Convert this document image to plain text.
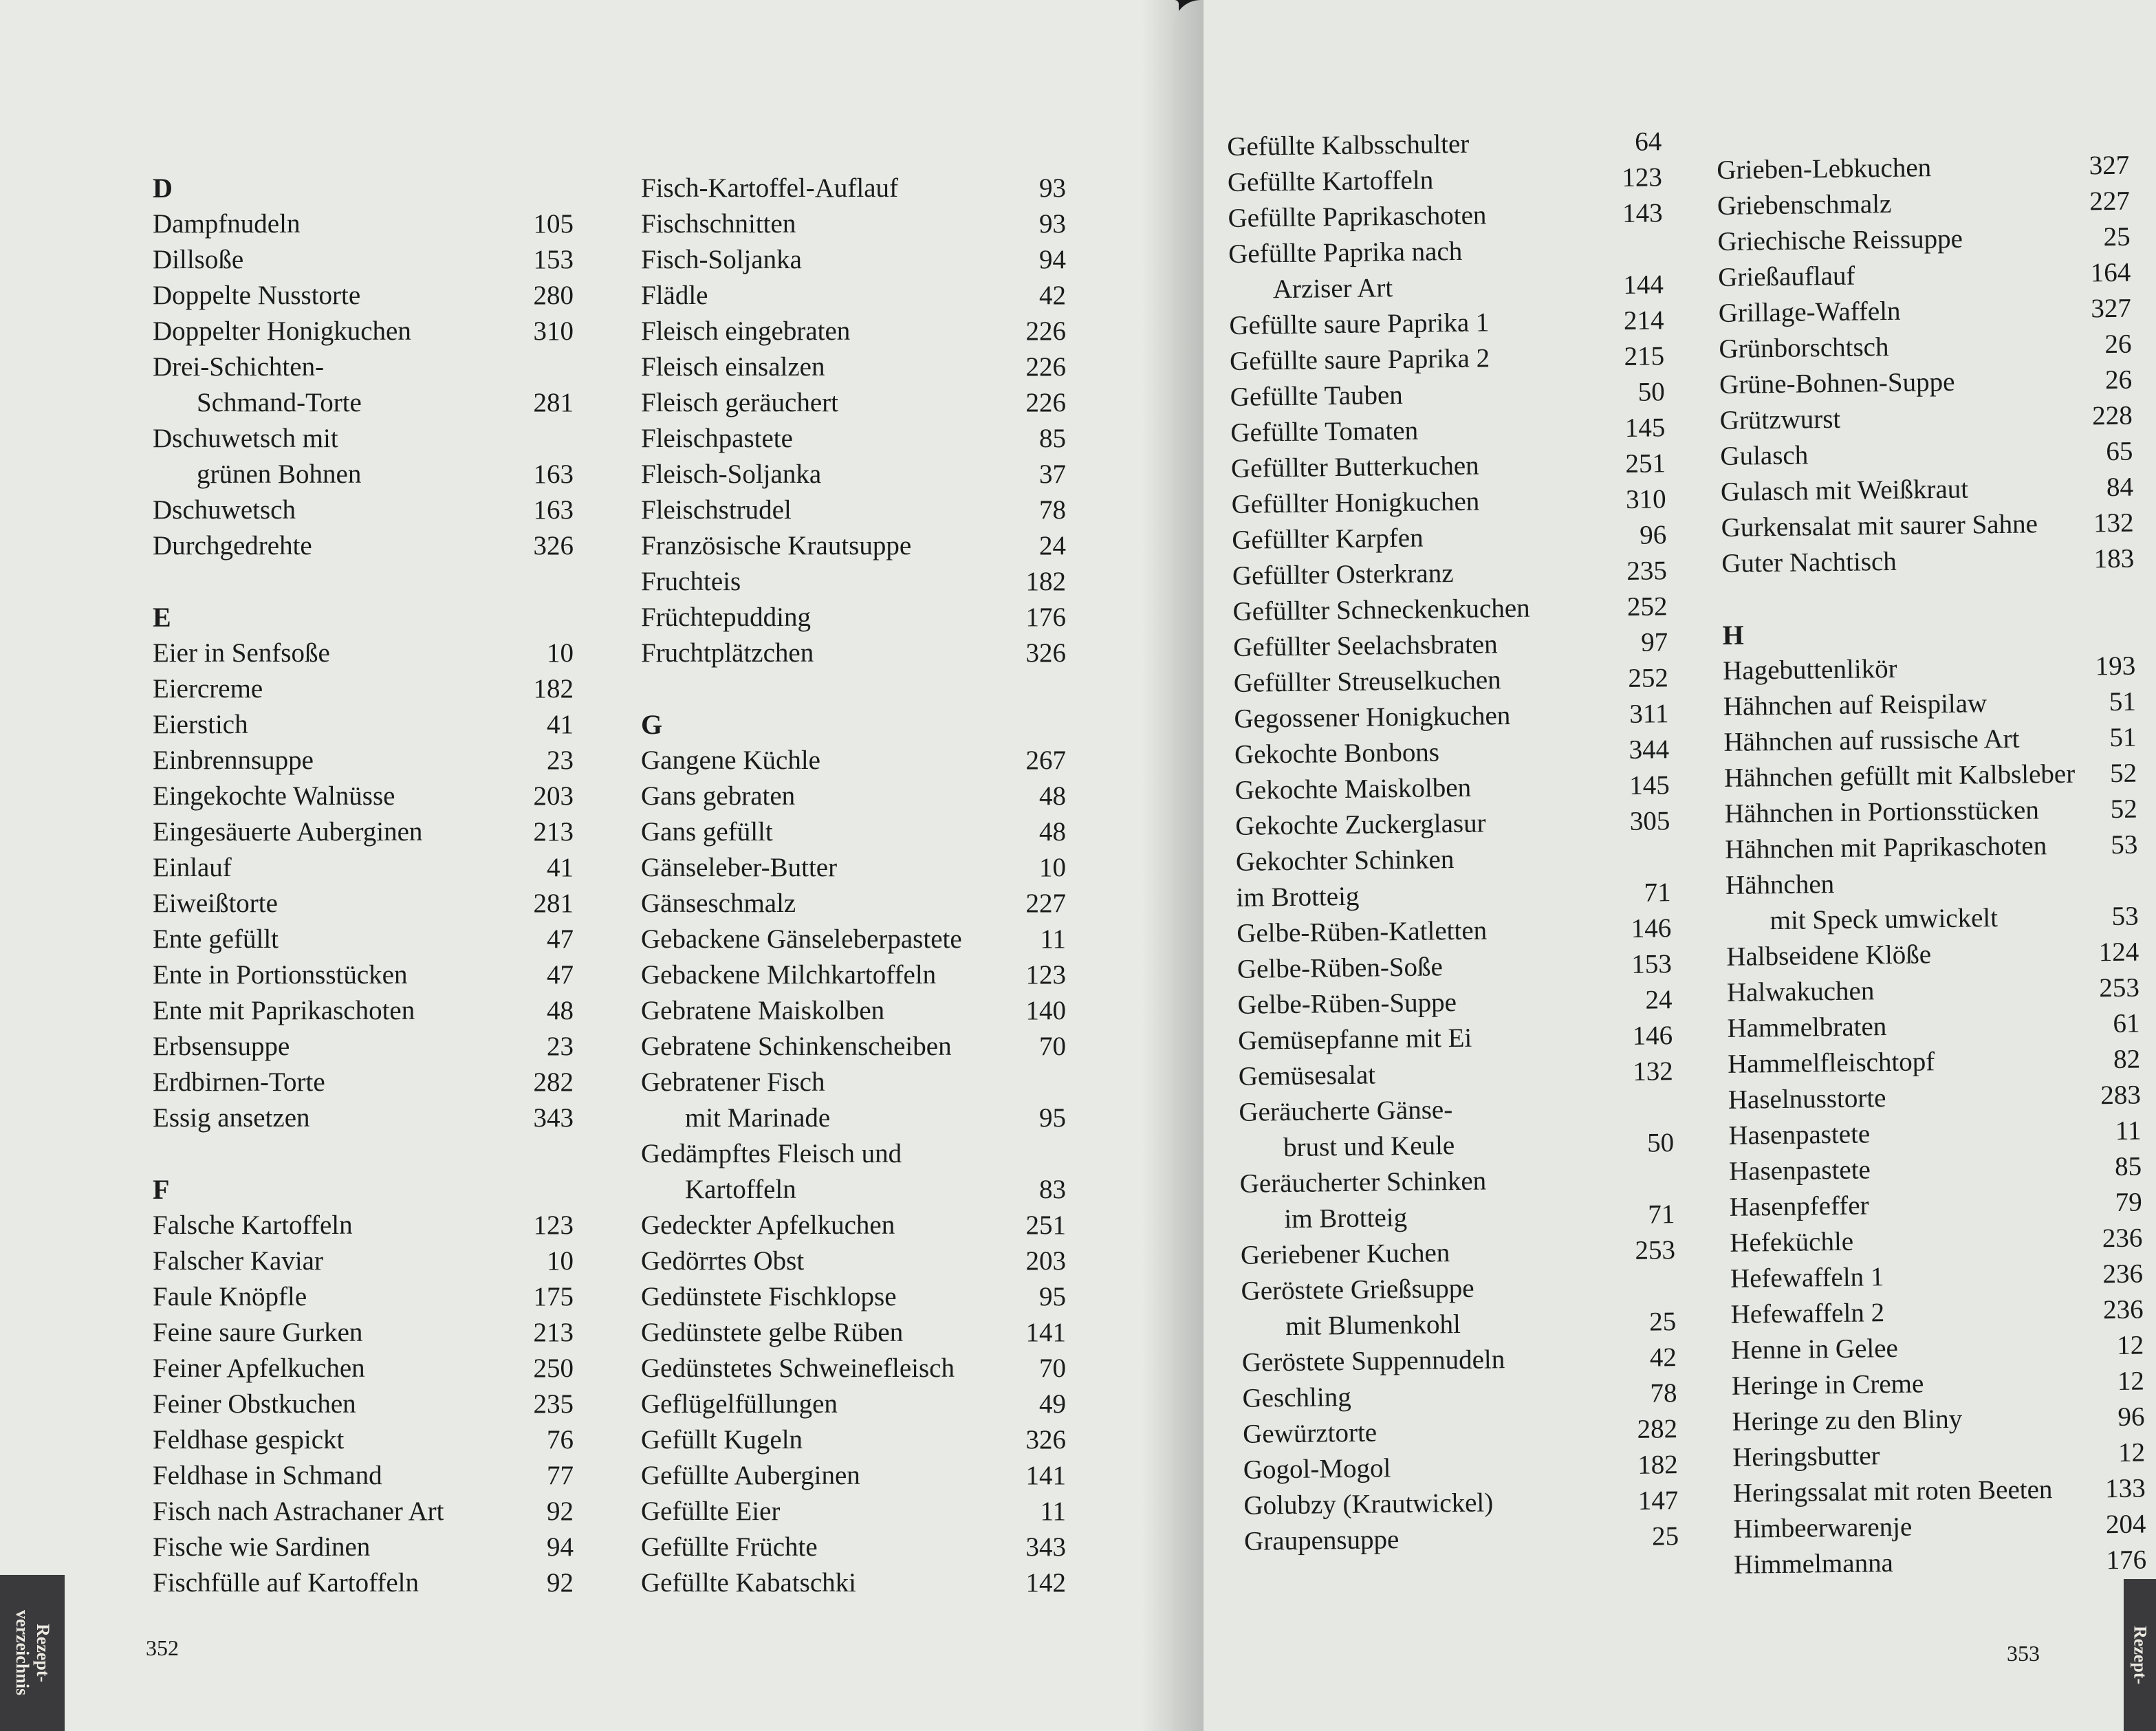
D
Dampfnudeln	105
Dillsoße	153
Doppelte Nusstorte	280
Doppelter Honigkuchen	310
Drei-Schichten-
Schmand-Torte	281
Dschuwetsch mit
grünen Bohnen	163
Dschuwetsch	163
Durchgedrehte	326
E
Eier in Senfsoße	10
Eiercreme	182
Eierstich	41
Einbrennsuppe	23
Eingekochte Walnüsse	203
Eingesäuerte Auberginen	213
Einlauf	41
Eiweißtorte	281
Ente gefüllt	47
Ente in Portionsstücken	47
Ente mit Paprikaschoten	48
Erbsensuppe	23
Erdbirnen-Torte	282
Essig ansetzen	343
F
Falsche Kartoffeln	123
Falscher Kaviar	10
Faule Knöpfle	175
Feine saure Gurken	213
Feiner Apfelkuchen	250
Feiner Obstkuchen	235
Feldhase gespickt	76
Feldhase in Schmand	77
Fisch nach Astrachaner Art	92
Fische wie Sardinen	94
Fischfülle auf Kartoffeln	92
Fisch-Kartoffel-Auflauf	93
Fischschnitten	93
Fisch-Soljanka	94
Flädle	42
Fleisch eingebraten	226
Fleisch einsalzen	226
Fleisch geräuchert	226
Fleischpastete	85
Fleisch-Soljanka	37
Fleischstrudel	78
Französische Krautsuppe	24
Fruchteis	182
Früchtepudding	176
Fruchtplätzchen	326
G
Gangene Küchle	267
Gans gebraten	48
Gans gefüllt	48
Gänseleber-Butter	10
Gänseschmalz	227
Gebackene Gänseleberpastete	11
Gebackene Milchkartoffeln	123
Gebratene Maiskolben	140
Gebratene Schinkenscheiben	70
Gebratener Fisch
mit Marinade	95
Gedämpftes Fleisch und
Kartoffeln	83
Gedeckter Apfelkuchen	251
Gedörrtes Obst	203
Gedünstete Fischklopse	95
Gedünstete gelbe Rüben	141
Gedünstetes Schweinefleisch	70
Geflügelfüllungen	49
Gefüllt Kugeln	326
Gefüllte Auberginen	141
Gefüllte Eier	11
Gefüllte Früchte	343
Gefüllte Kabatschki	142
352
Rezept-
verzeichnis
Gefüllte Kalbsschulter	64
Gefüllte Kartoffeln	123
Gefüllte Paprikaschoten	143
Gefüllte Paprika nach
Arziser Art	144
Gefüllte saure Paprika 1	214
Gefüllte saure Paprika 2	215
Gefüllte Tauben	50
Gefüllte Tomaten	145
Gefüllter Butterkuchen	251
Gefüllter Honigkuchen	310
Gefüllter Karpfen	96
Gefüllter Osterkranz	235
Gefüllter Schneckenkuchen	252
Gefüllter Seelachsbraten	97
Gefüllter Streuselkuchen	252
Gegossener Honigkuchen	311
Gekochte Bonbons	344
Gekochte Maiskolben	145
Gekochte Zuckerglasur	305
Gekochter Schinken
im Brotteig	71
Gelbe-Rüben-Katletten	146
Gelbe-Rüben-Soße	153
Gelbe-Rüben-Suppe	24
Gemüsepfanne mit Ei	146
Gemüsesalat	132
Geräucherte Gänse-
brust und Keule	50
Geräucherter Schinken
im Brotteig	71
Geriebener Kuchen	253
Geröstete Grießsuppe
mit Blumenkohl	25
Geröstete Suppennudeln	42
Geschling	78
Gewürztorte	282
Gogol-Mogol	182
Golubzy (Krautwickel)	147
Graupensuppe	25
Grieben-Lebkuchen	327
Griebenschmalz	227
Griechische Reissuppe	25
Grießauflauf	164
Grillage-Waffeln	327
Grünborschtsch	26
Grüne-Bohnen-Suppe	26
Grützwurst	228
Gulasch	65
Gulasch mit Weißkraut	84
Gurkensalat mit saurer Sahne	132
Guter Nachtisch	183
H
Hagebuttenlikör	193
Hähnchen auf Reispilaw	51
Hähnchen auf russische Art	51
Hähnchen gefüllt mit Kalbsleber	52
Hähnchen in Portionsstücken	52
Hähnchen mit Paprikaschoten	53
Hähnchen
mit Speck umwickelt	53
Halbseidene Klöße	124
Halwakuchen	253
Hammelbraten	61
Hammelfleischtopf	82
Haselnusstorte	283
Hasenpastete	11
Hasenpastete	85
Hasenpfeffer	79
Hefeküchle	236
Hefewaffeln 1	236
Hefewaffeln 2	236
Henne in Gelee	12
Heringe in Creme	12
Heringe zu den Bliny	96
Heringsbutter	12
Heringssalat mit roten Beeten	133
Himbeerwarenje	204
Himmelmanna	176
353	Rezept-
